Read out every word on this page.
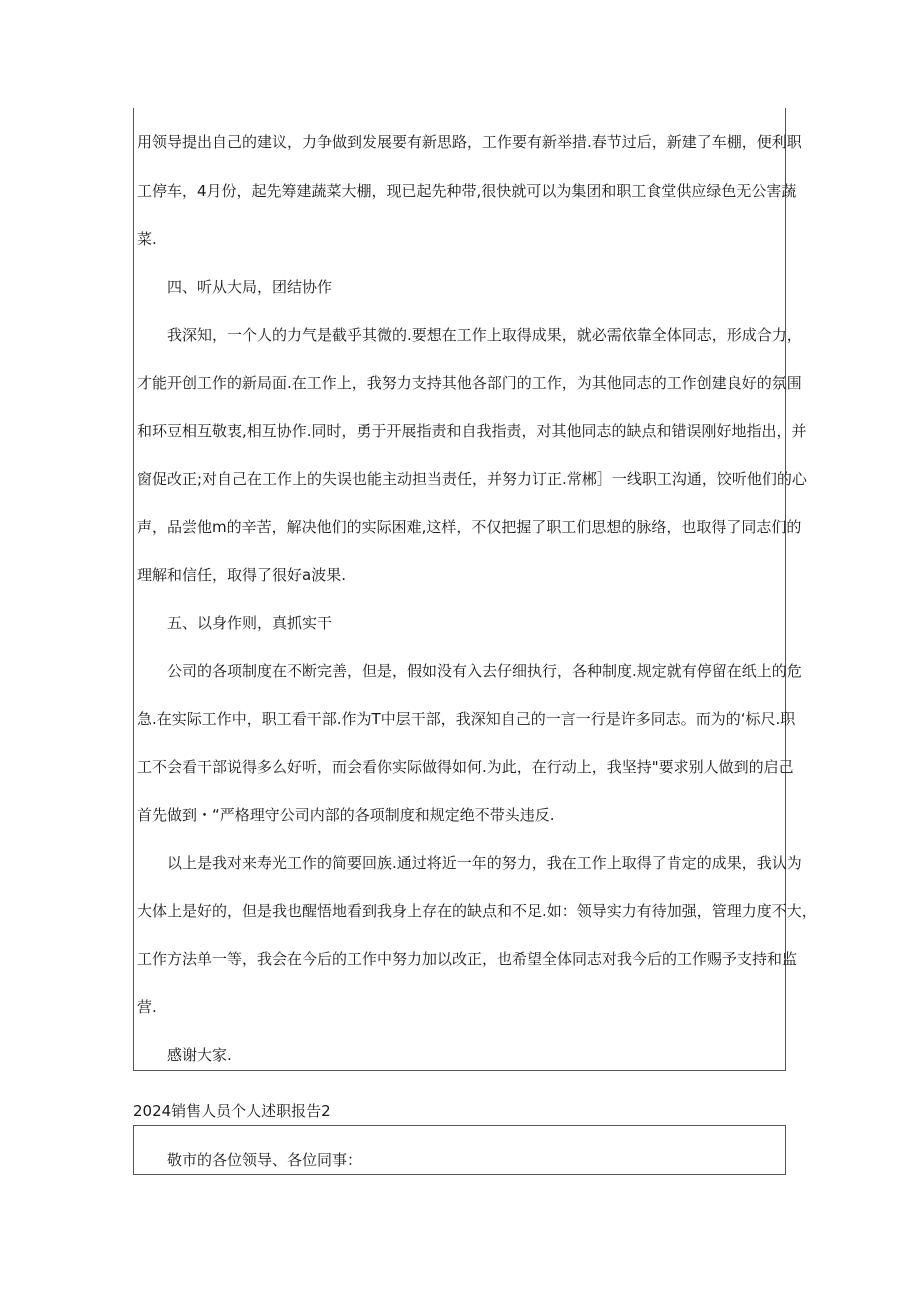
用领导提出自己的建议，力争做到发展要有新思路，工作要有新举措.春节过后，新建了车棚，便利职
工停车，4月份，起先筹建蔬菜大棚，现已起先种带,很快就可以为集团和职工食堂供应绿色无公害蔬
菜.
四、听从大局，团结协作
我深知，一个人的力气是截乎其微的.要想在工作上取得成果，就必需依靠全体同志，形成合力，
才能开创工作的新局面.在工作上，我努力支持其他各部门的工作，为其他同志的工作创建良好的氛围
和环豆相互敬衷,相互协作.同时，勇于开展指责和自我指责，对其他同志的缺点和错误刚好地指出，并
窗促改正;对自己在工作上的失误也能主动担当责任，并努力订正.常郴］一线职工沟通，饺听他们的心
声，品尝他m的辛苦，解决他们的实际困难,这样，不仅把握了职工们思想的脉络，也取得了同志们的
理解和信任，取得了很好a波果.
五、以身作则，真抓实干
公司的各项制度在不断完善，但是，假如没有入去仔细执行，各种制度.规定就有停留在纸上的危
急.在实际工作中，职工看干部.作为T中层干部，我深知自己的一言一行是许多同志。而为的‘标尺.职
工不会看干部说得多么好听，而会看你实际做得如何.为此，在行动上，我坚持"要求别人做到的启己
首先做到・“严格理守公司内部的各项制度和规定绝不带头违反.
以上是我对来寿光工作的简要回族.通过将近一年的努力，我在工作上取得了肯定的成果，我认为
大体上是好的，但是我也醒悟地看到我身上存在的缺点和不足.如：领导实力有待加强，管理力度不大，
工作方法单一等，我会在今后的工作中努力加以改正，也希望全体同志对我今后的工作赐予支持和监
营.
感谢大家.
2024销售人员个人述职报告2
敬市的各位领导、各位同事：
